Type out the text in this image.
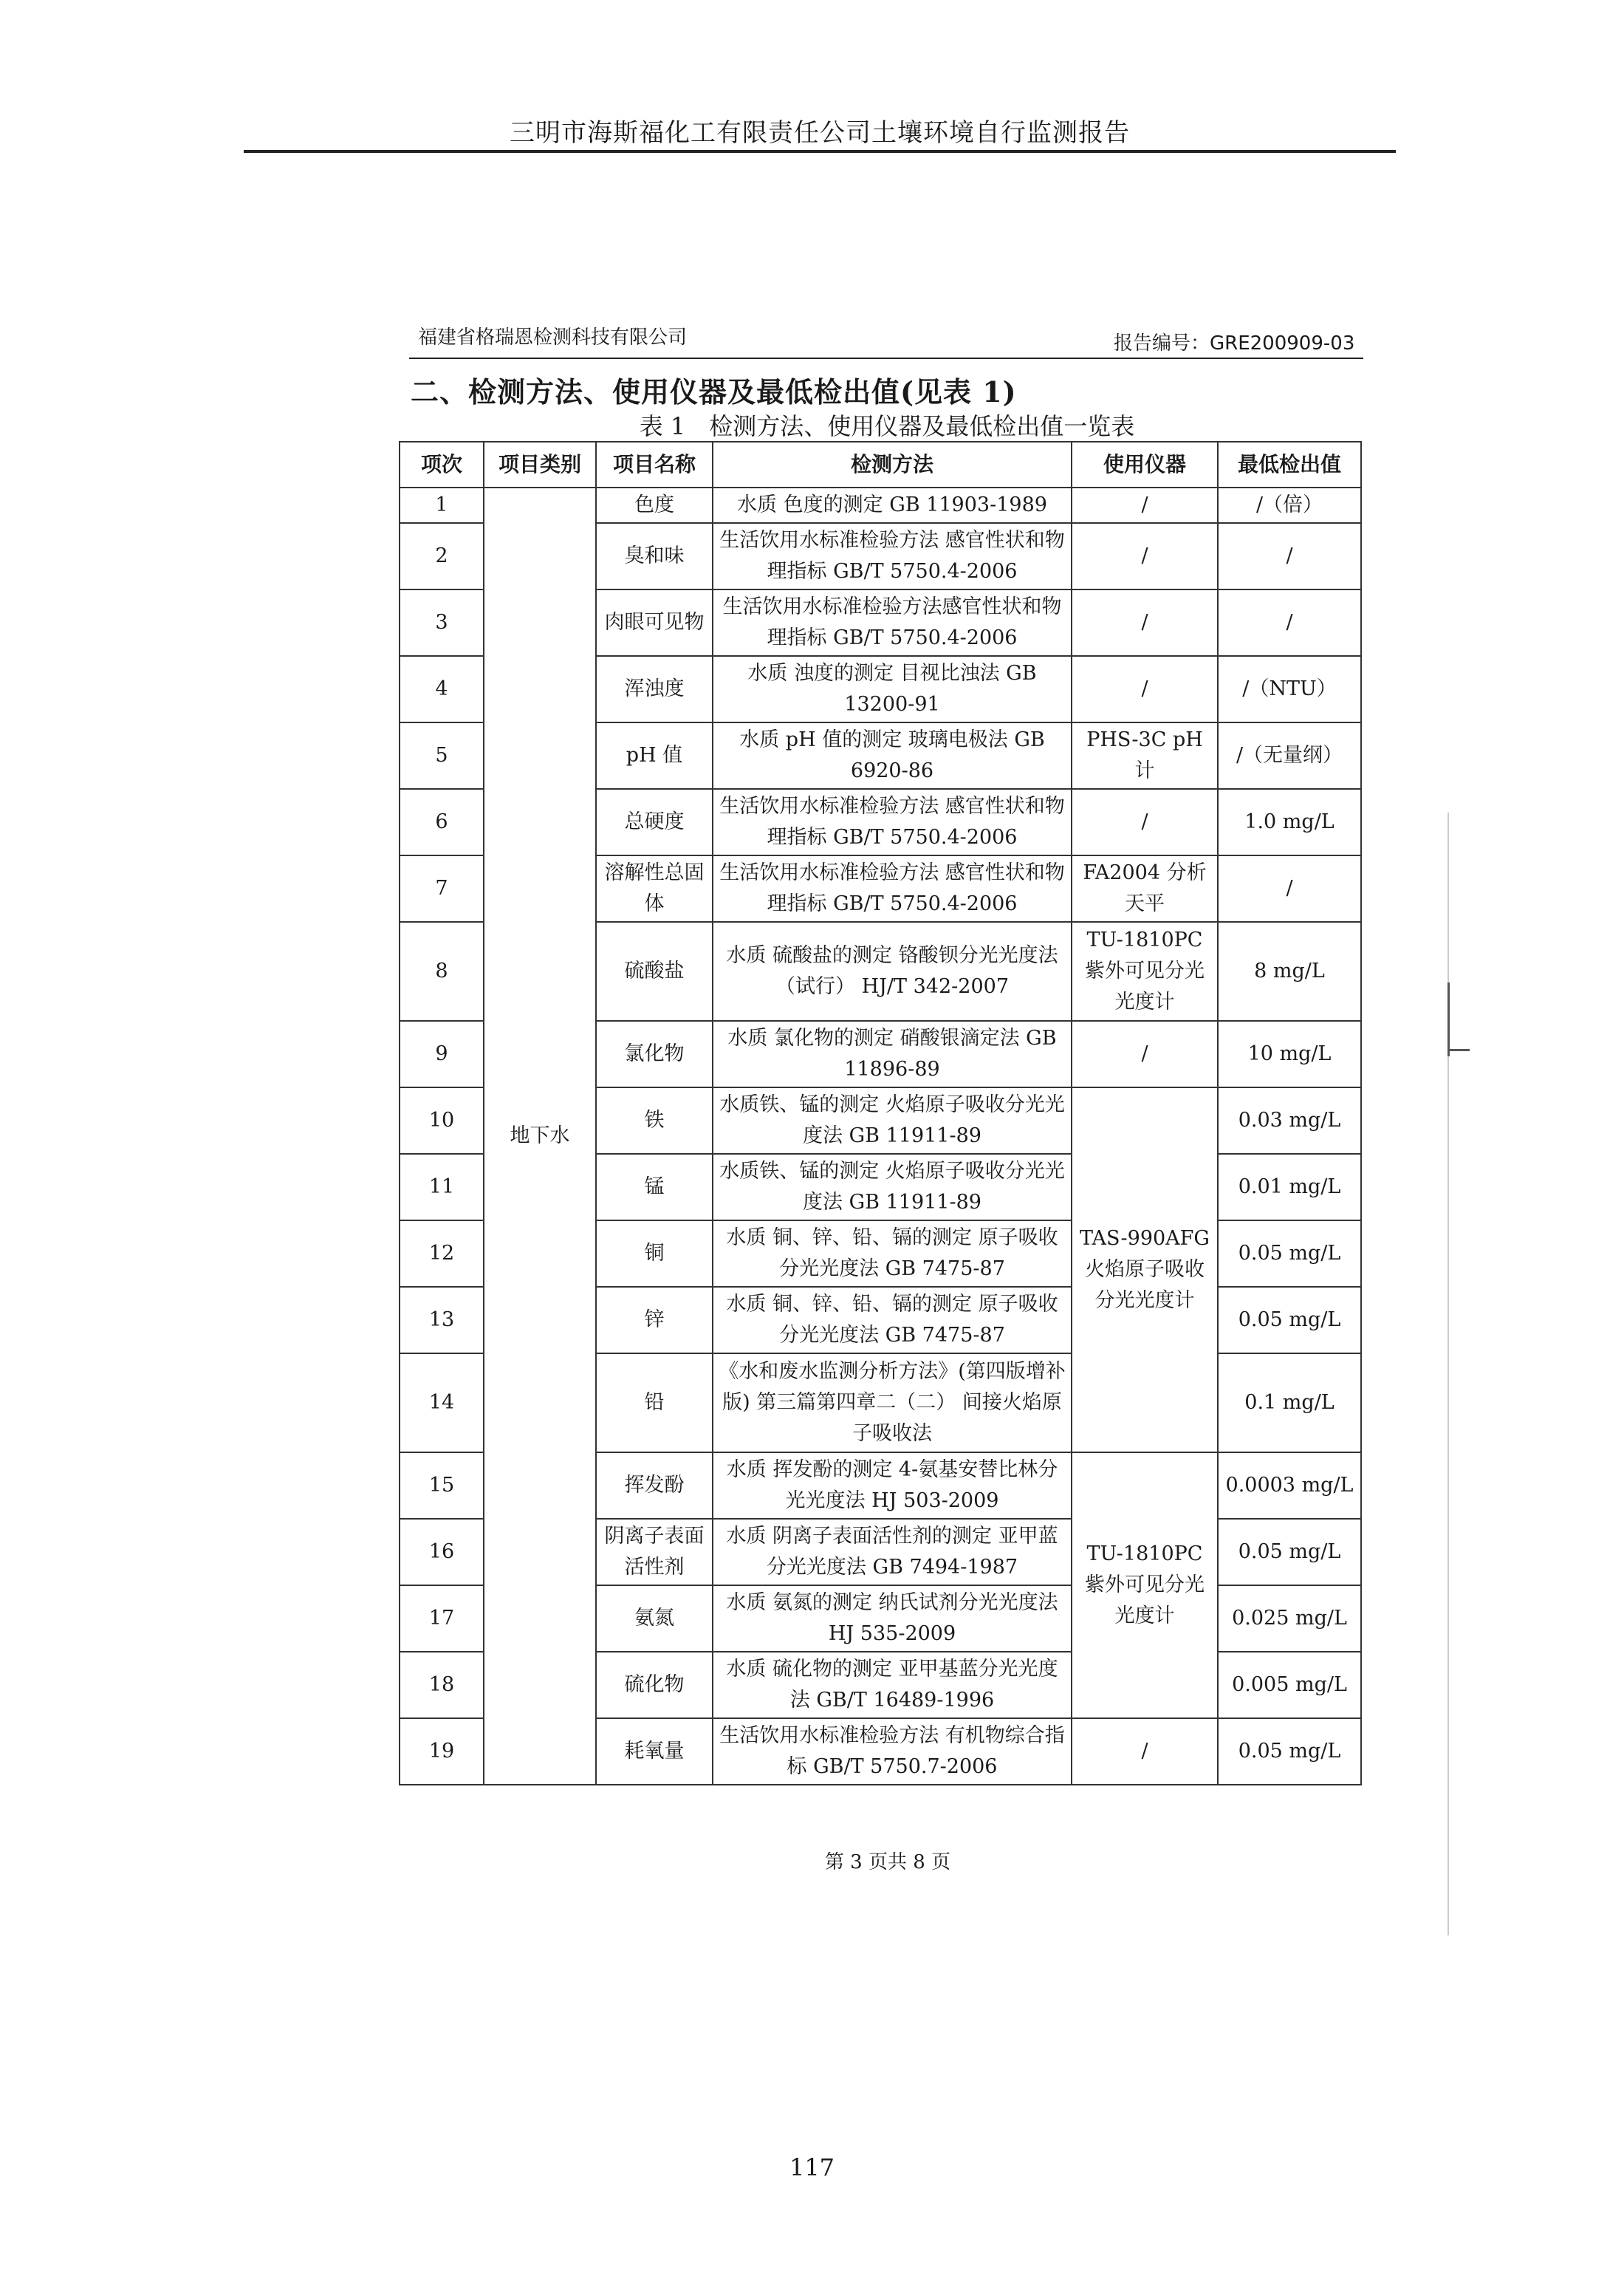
三明市海斯福化工有限责任公司土壤环境自行监测报告
福建省格瑞恩检测科技有限公司	报告编号：GRE200909-03
二、检测方法、使用仪器及最低检出值(见表 1)
表 1　检测方法、使用仪器及最低检出值一览表
项次	项目类别	项目名称	检测方法	使用仪器	最低检出值
1	地下水	色度	水质 色度的测定 GB 11903-1989	/	/（倍）
2		臭和味	生活饮用水标准检验方法 感官性状和物理指标 GB/T 5750.4-2006	/	/
3		肉眼可见物	生活饮用水标准检验方法感官性状和物理指标 GB/T 5750.4-2006	/	/
4		浑浊度	水质 浊度的测定 目视比浊法 GB 13200-91	/	/（NTU）
5		pH 值	水质 pH 值的测定 玻璃电极法 GB 6920-86	PHS-3C pH 计	/（无量纲）
6		总硬度	生活饮用水标准检验方法 感官性状和物理指标 GB/T 5750.4-2006	/	1.0 mg/L
7		溶解性总固体	生活饮用水标准检验方法 感官性状和物理指标 GB/T 5750.4-2006	FA2004 分析天平	/
8		硫酸盐	水质 硫酸盐的测定 铬酸钡分光光度法（试行） HJ/T 342-2007	TU-1810PC 紫外可见分光光度计	8 mg/L
9		氯化物	水质 氯化物的测定 硝酸银滴定法 GB 11896-89	/	10 mg/L
10		铁	水质铁、锰的测定 火焰原子吸收分光光度法 GB 11911-89	TAS-990AFG 火焰原子吸收分光光度计	0.03 mg/L
11		锰	水质铁、锰的测定 火焰原子吸收分光光度法 GB 11911-89		0.01 mg/L
12		铜	水质 铜、锌、铅、镉的测定 原子吸收分光光度法 GB 7475-87		0.05 mg/L
13		锌	水质 铜、锌、铅、镉的测定 原子吸收分光光度法 GB 7475-87		0.05 mg/L
14		铅	《水和废水监测分析方法》(第四版增补版) 第三篇第四章二（二） 间接火焰原子吸收法		0.1 mg/L
15		挥发酚	水质 挥发酚的测定 4-氨基安替比林分光光度法 HJ 503-2009	TU-1810PC 紫外可见分光光度计	0.0003 mg/L
16		阴离子表面活性剂	水质 阴离子表面活性剂的测定 亚甲蓝分光光度法 GB 7494-1987		0.05 mg/L
17		氨氮	水质 氨氮的测定 纳氏试剂分光光度法 HJ 535-2009		0.025 mg/L
18		硫化物	水质 硫化物的测定 亚甲基蓝分光光度法 GB/T 16489-1996		0.005 mg/L
19		耗氧量	生活饮用水标准检验方法 有机物综合指标 GB/T 5750.7-2006	/	0.05 mg/L
第 3 页共 8 页
117
